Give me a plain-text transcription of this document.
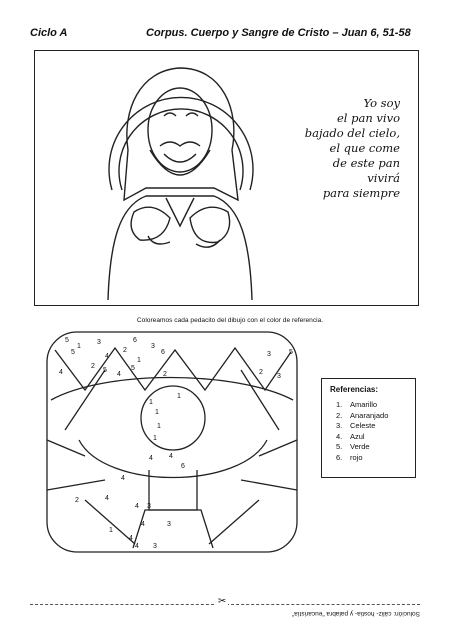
Ciclo A	Corpus. Cuerpo y Sangre de Cristo – Juan 6, 51-58
Yo soy
el pan vivo
bajado del cielo,
el que come
de este pan
vivirá
para siempre
Coloreamos cada pedacito del dibujo con el color de referencia.
5
1
3	6
3
5
4
2
1
6
2
5
4
5
4	2
1
1
1
1
1
4 4
6
3	5
2
3
4
4
4
2
3
4	3
4
3
1
4
Referencias:
1. Amarillo
2. Anaranjado
3. Celeste
4. Azul
5. Verde
6. rojo
✂
Solución: cáliz- hostia- y palabra "eucaristía"
